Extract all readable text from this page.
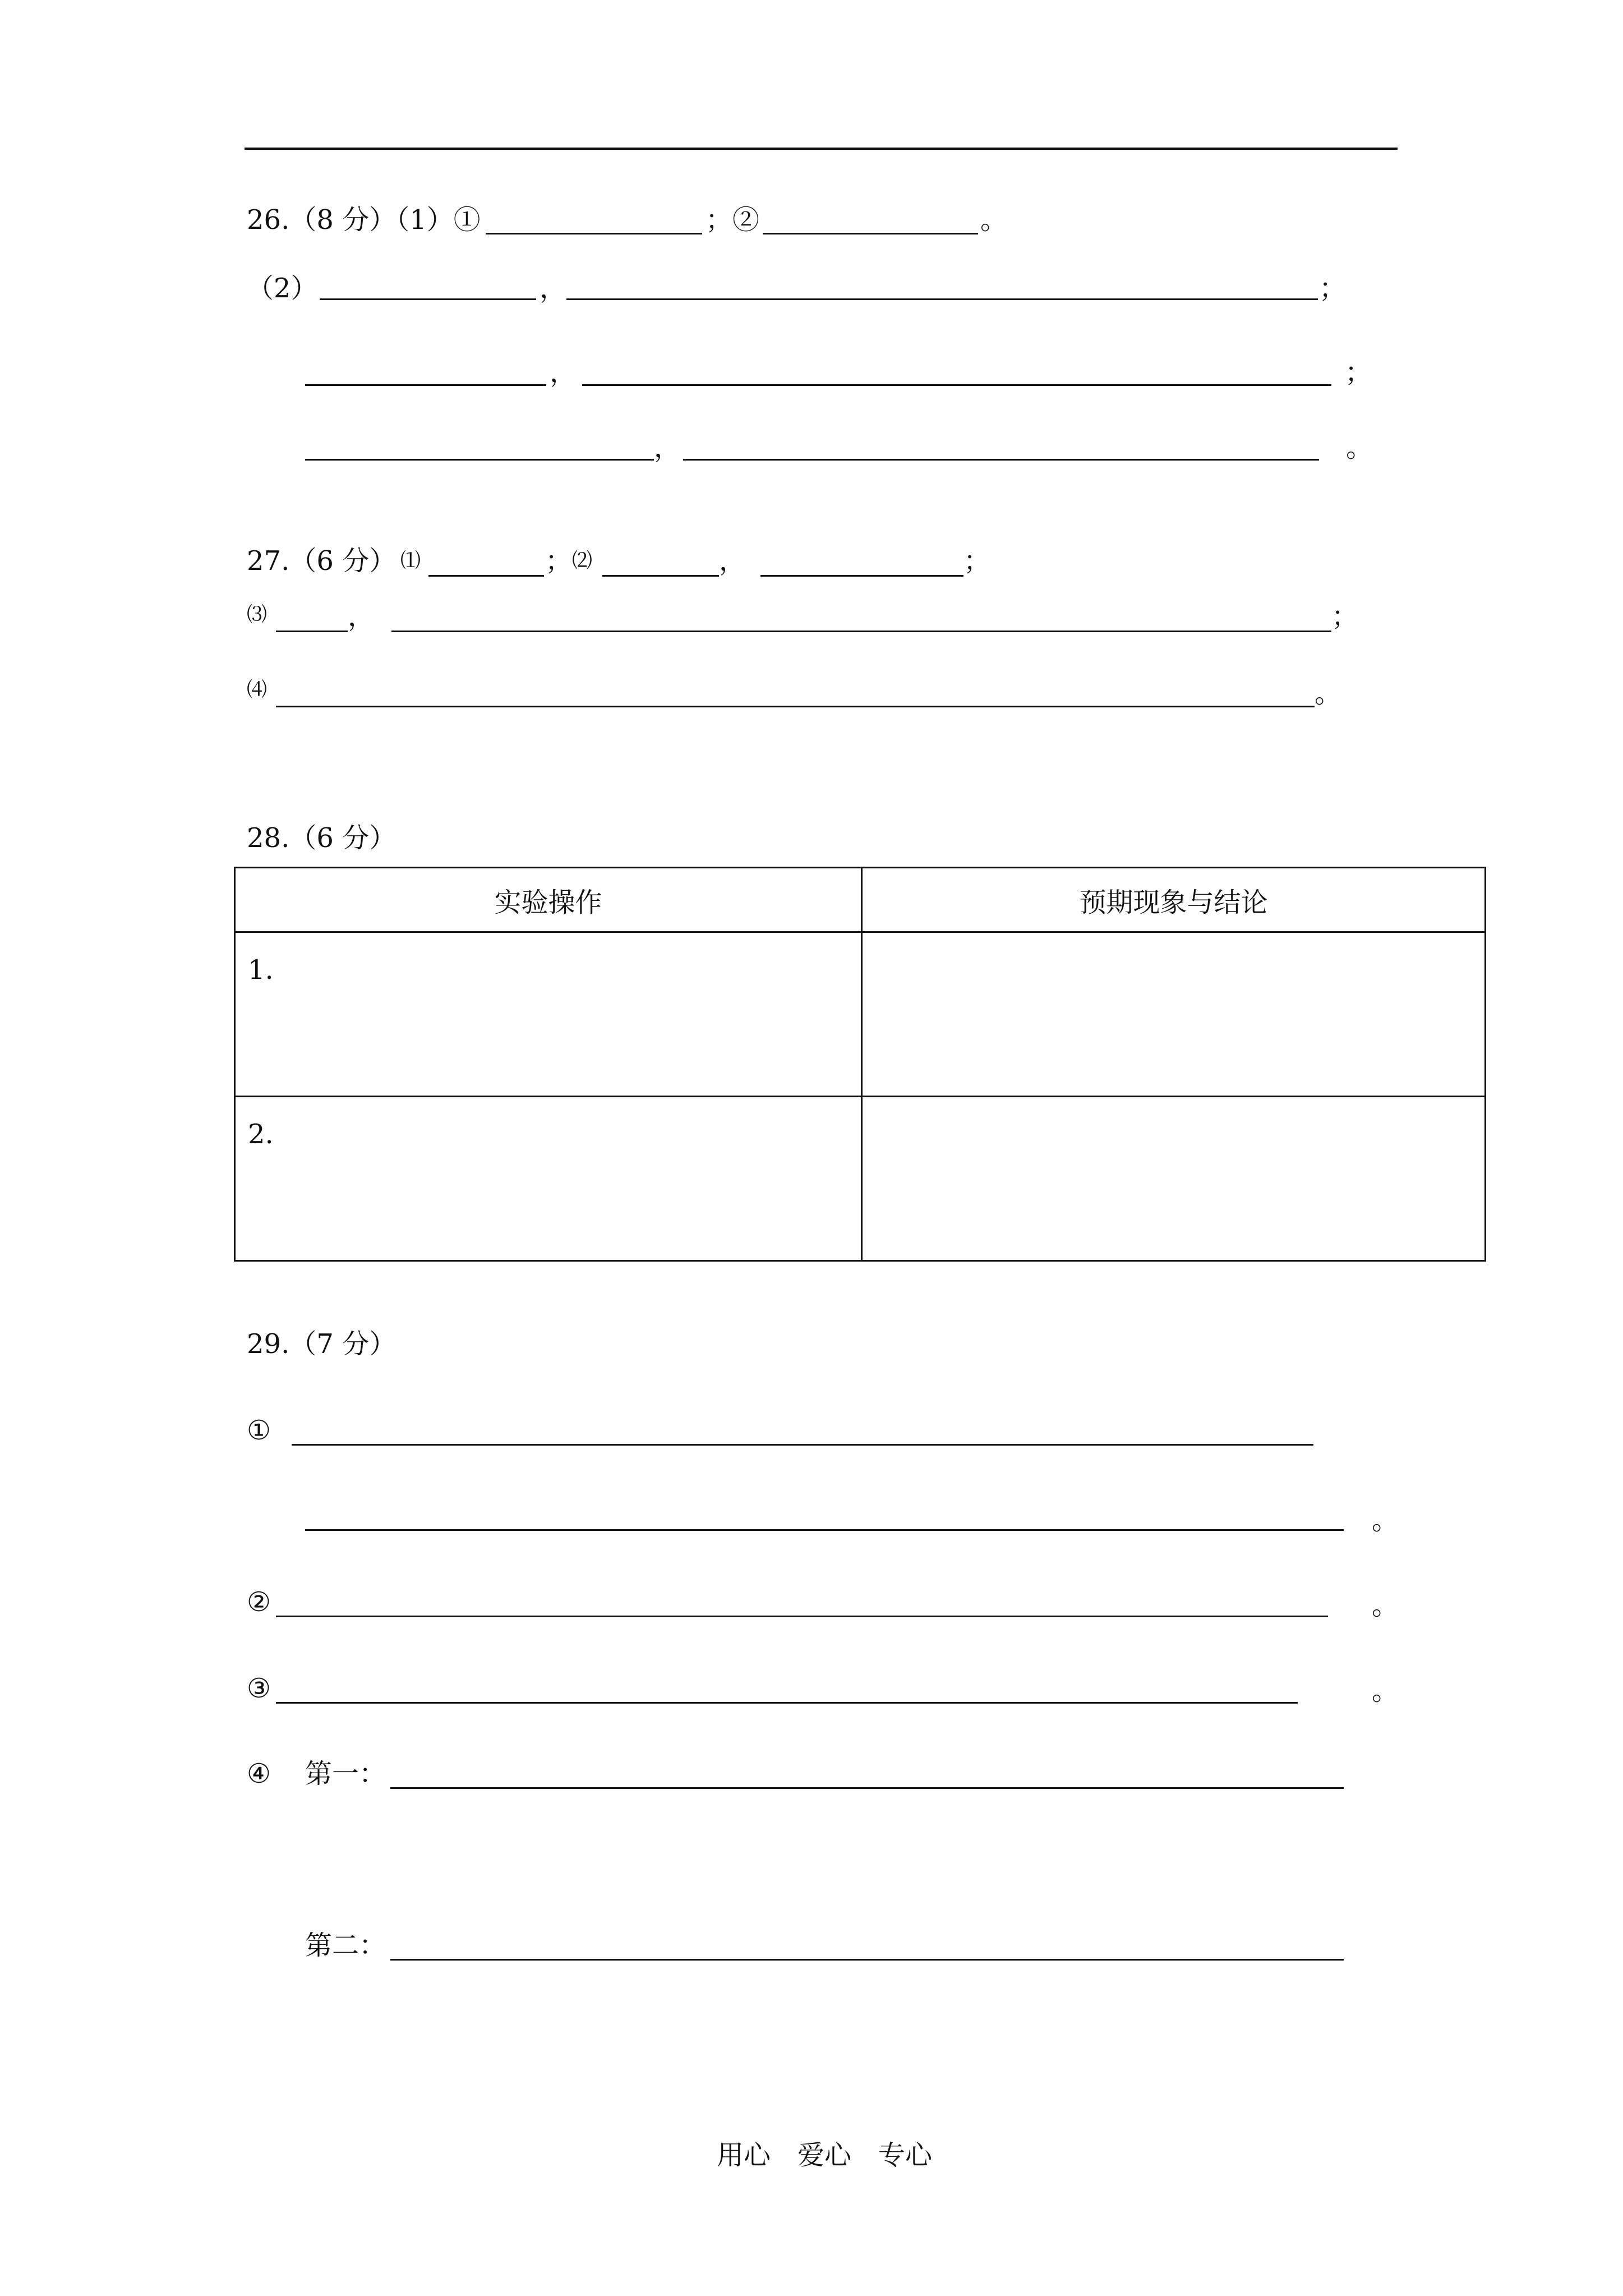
26.（8 分）（1）①	；②	。
（2）	，	；
，	；
，	。
27.（6 分） ⑴	； ⑵	，	；
⑶	，	；
⑷	。
28.（6 分）
实验操作	预期现象与结论
1.	
2.	
29.（7 分）
①
。
②	。
③	。
④ 第一：
第二：
用心　爱心　专心
